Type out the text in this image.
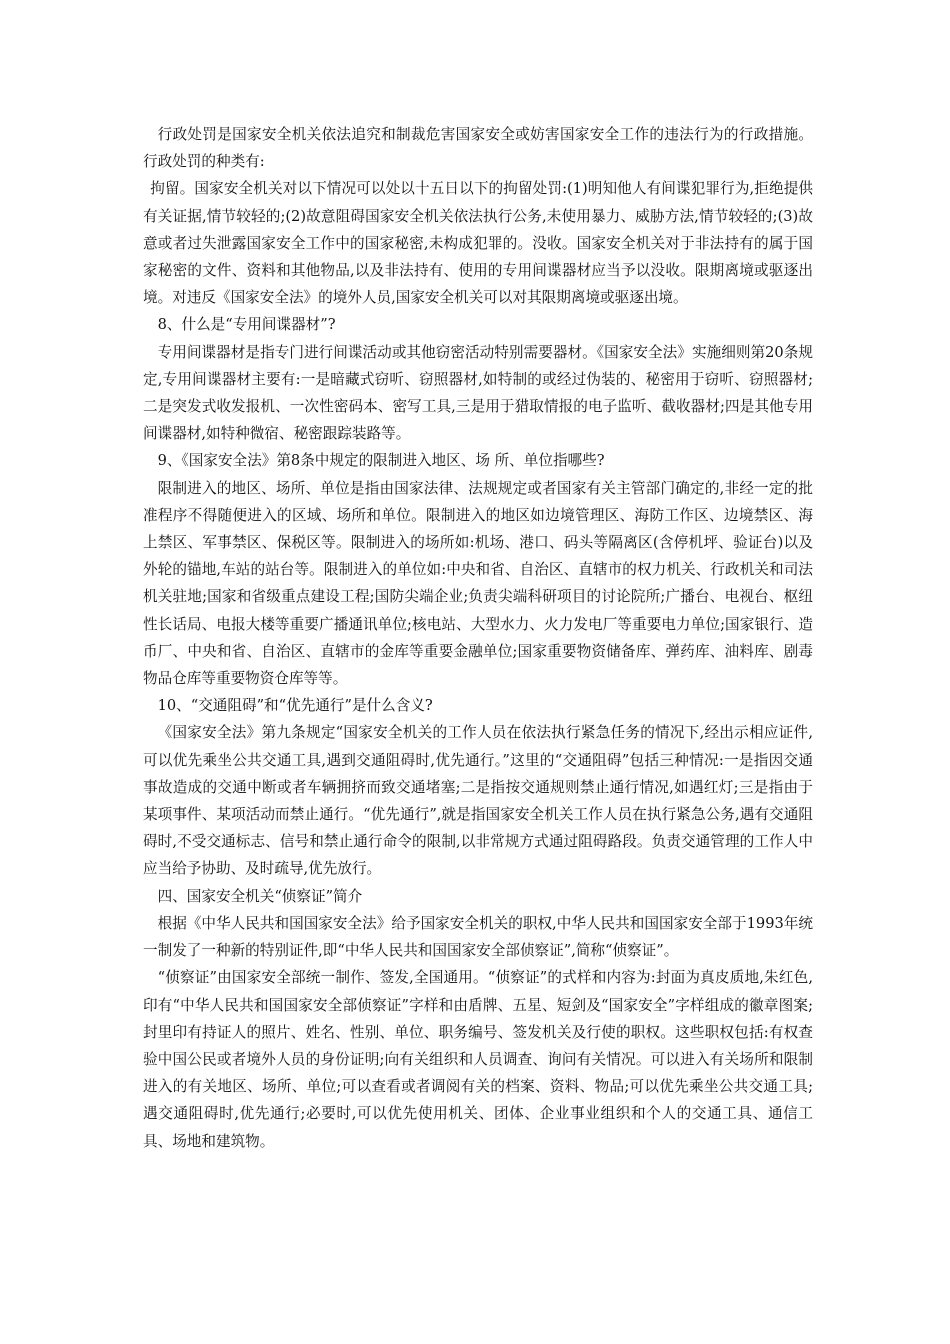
行政处罚是国家安全机关依法追究和制裁危害国家安全或妨害国家安全工作的违法行为的行政措施。行政处罚的种类有:

拘留。国家安全机关对以下情况可以处以十五日以下的拘留处罚:(1)明知他人有间谍犯罪行为,拒绝提供有关证据,情节较轻的;(2)故意阻碍国家安全机关依法执行公务,未使用暴力、威胁方法,情节较轻的;(3)故意或者过失泄露国家安全工作中的国家秘密,未构成犯罪的。没收。国家安全机关对于非法持有的属于国家秘密的文件、资料和其他物品,以及非法持有、使用的专用间谍器材应当予以没收。限期离境或驱逐出境。对违反《国家安全法》的境外人员,国家安全机关可以对其限期离境或驱逐出境。

8、什么是“专用间谍器材”?

专用间谍器材是指专门进行间谍活动或其他窃密活动特别需要器材。《国家安全法》实施细则第20条规定,专用间谍器材主要有:一是暗藏式窃听、窃照器材,如特制的或经过伪装的、秘密用于窃听、窃照器材;二是突发式收发报机、一次性密码本、密写工具,三是用于猎取情报的电子监听、截收器材;四是其他专用间谍器材,如特种微宿、秘密跟踪装路等。

9、《国家安全法》第8条中规定的限制进入地区、场 所、单位指哪些?

限制进入的地区、场所、单位是指由国家法律、法规规定或者国家有关主管部门确定的,非经一定的批准程序不得随便进入的区域、场所和单位。限制进入的地区如边境管理区、海防工作区、边境禁区、海上禁区、军事禁区、保税区等。限制进入的场所如:机场、港口、码头等隔离区(含停机坪、验证台)以及外轮的锚地,车站的站台等。限制进入的单位如:中央和省、自治区、直辖市的权力机关、行政机关和司法机关驻地;国家和省级重点建设工程;国防尖端企业;负责尖端科研项目的讨论院所;广播台、电视台、枢纽性长话局、电报大楼等重要广播通讯单位;核电站、大型水力、火力发电厂等重要电力单位;国家银行、造币厂、中央和省、自治区、直辖市的金库等重要金融单位;国家重要物资储备库、弹药库、油料库、剧毒物品仓库等重要物资仓库等等。

10、“交通阻碍”和“优先通行”是什么含义?

《国家安全法》第九条规定“国家安全机关的工作人员在依法执行紧急任务的情况下,经出示相应证件,可以优先乘坐公共交通工具,遇到交通阻碍时,优先通行。”这里的“交通阻碍”包括三种情况:一是指因交通事故造成的交通中断或者车辆拥挤而致交通堵塞;二是指按交通规则禁止通行情况,如遇红灯;三是指由于某项事件、某项活动而禁止通行。“优先通行”,就是指国家安全机关工作人员在执行紧急公务,遇有交通阻碍时,不受交通标志、信号和禁止通行命令的限制,以非常规方式通过阻碍路段。负责交通管理的工作人中应当给予协助、及时疏导,优先放行。

四、国家安全机关“侦察证”简介

根据《中华人民共和国国家安全法》给予国家安全机关的职权,中华人民共和国国家安全部于1993年统一制发了一种新的特别证件,即“中华人民共和国国家安全部侦察证”,简称“侦察证”。

“侦察证”由国家安全部统一制作、签发,全国通用。“侦察证”的式样和内容为:封面为真皮质地,朱红色,印有“中华人民共和国国家安全部侦察证”字样和由盾牌、五星、短剑及“国家安全”字样组成的徽章图案;封里印有持证人的照片、姓名、性别、单位、职务编号、签发机关及行使的职权。这些职权包括:有权查验中国公民或者境外人员的身份证明;向有关组织和人员调查、询问有关情况。可以进入有关场所和限制进入的有关地区、场所、单位;可以查看或者调阅有关的档案、资料、物品;可以优先乘坐公共交通工具;遇交通阻碍时,优先通行;必要时,可以优先使用机关、团体、企业事业组织和个人的交通工具、通信工具、场地和建筑物。
